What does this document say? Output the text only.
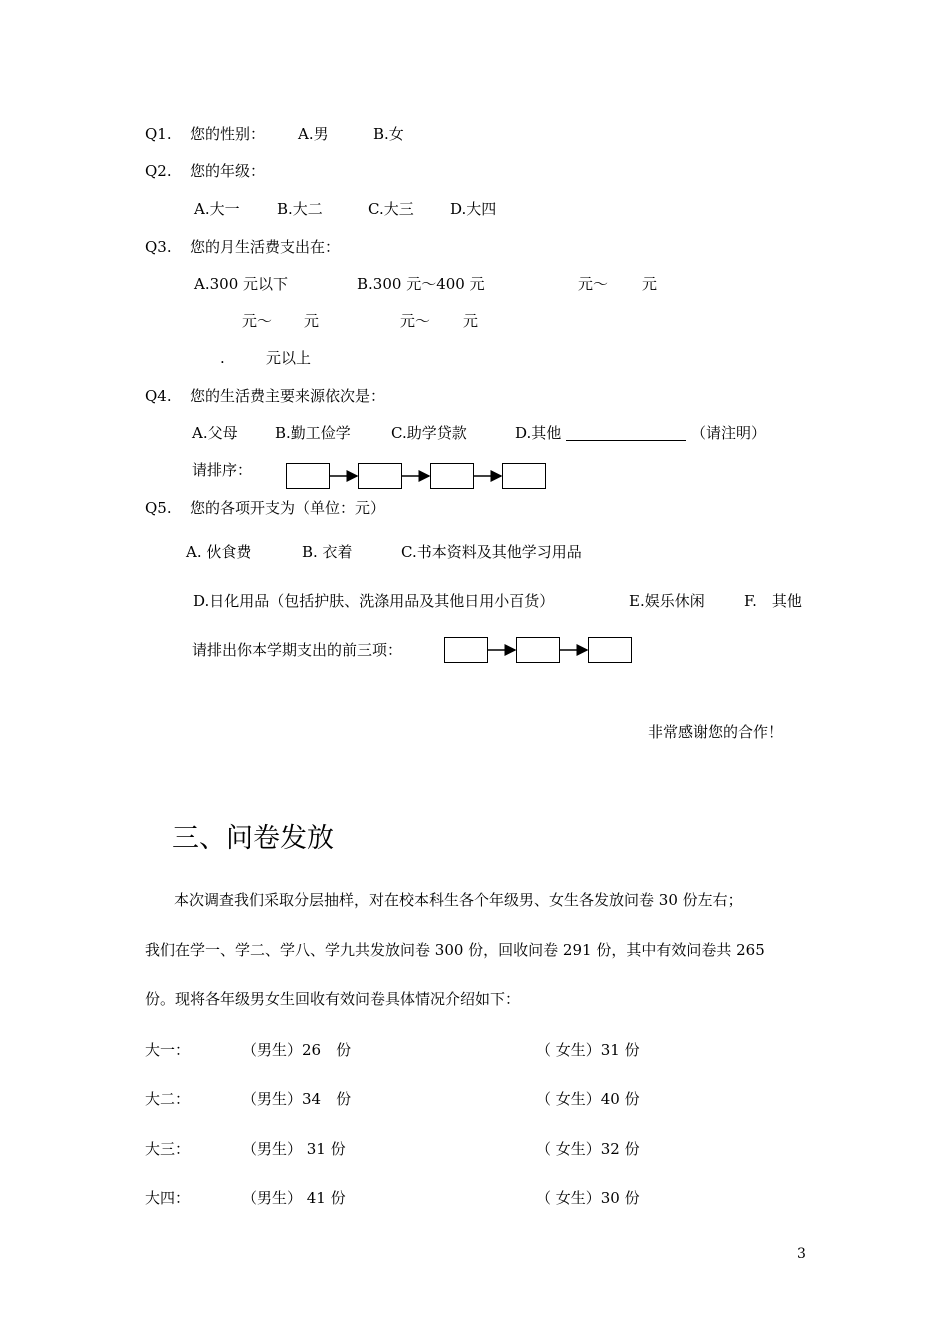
Q1. 您的性别： A.男	B.女
Q2. 您的年级：
A.大一 B.大二	C.大三 D.大四
Q3. 您的月生活费支出在：
A.300 元以下	B.300 元～400 元	元～ 元
元～ 元	元～ 元
.	元以上
Q4. 您的生活费主要来源依次是：
A.父母 B.勤工俭学	C.助学贷款	D.其他	（请注明）
请排序：
Q5. 您的各项开支为（单位：元）
A. 伙食费	B. 衣着	C.书本资料及其他学习用品
D.日化用品（包括护肤、洗涤用品及其他日用小百货）	E.娱乐休闲	F.　其他
请排出你本学期支出的前三项：
非常感谢您的合作！
三、问卷发放
本次调查我们采取分层抽样，对在校本科生各个年级男、女生各发放问卷 30 份左右；
我们在学一、学二、学八、学九共发放问卷 300 份，回收问卷 291 份，其中有效问卷共 265
份。现将各年级男女生回收有效问卷具体情况介绍如下：
大一：	（男生）26　份	（ 女生）31 份
大二：	（男生）34　份	（ 女生）40 份
大三：	（男生） 31 份	（ 女生）32 份
大四：	（男生） 41 份	（ 女生）30 份
3
